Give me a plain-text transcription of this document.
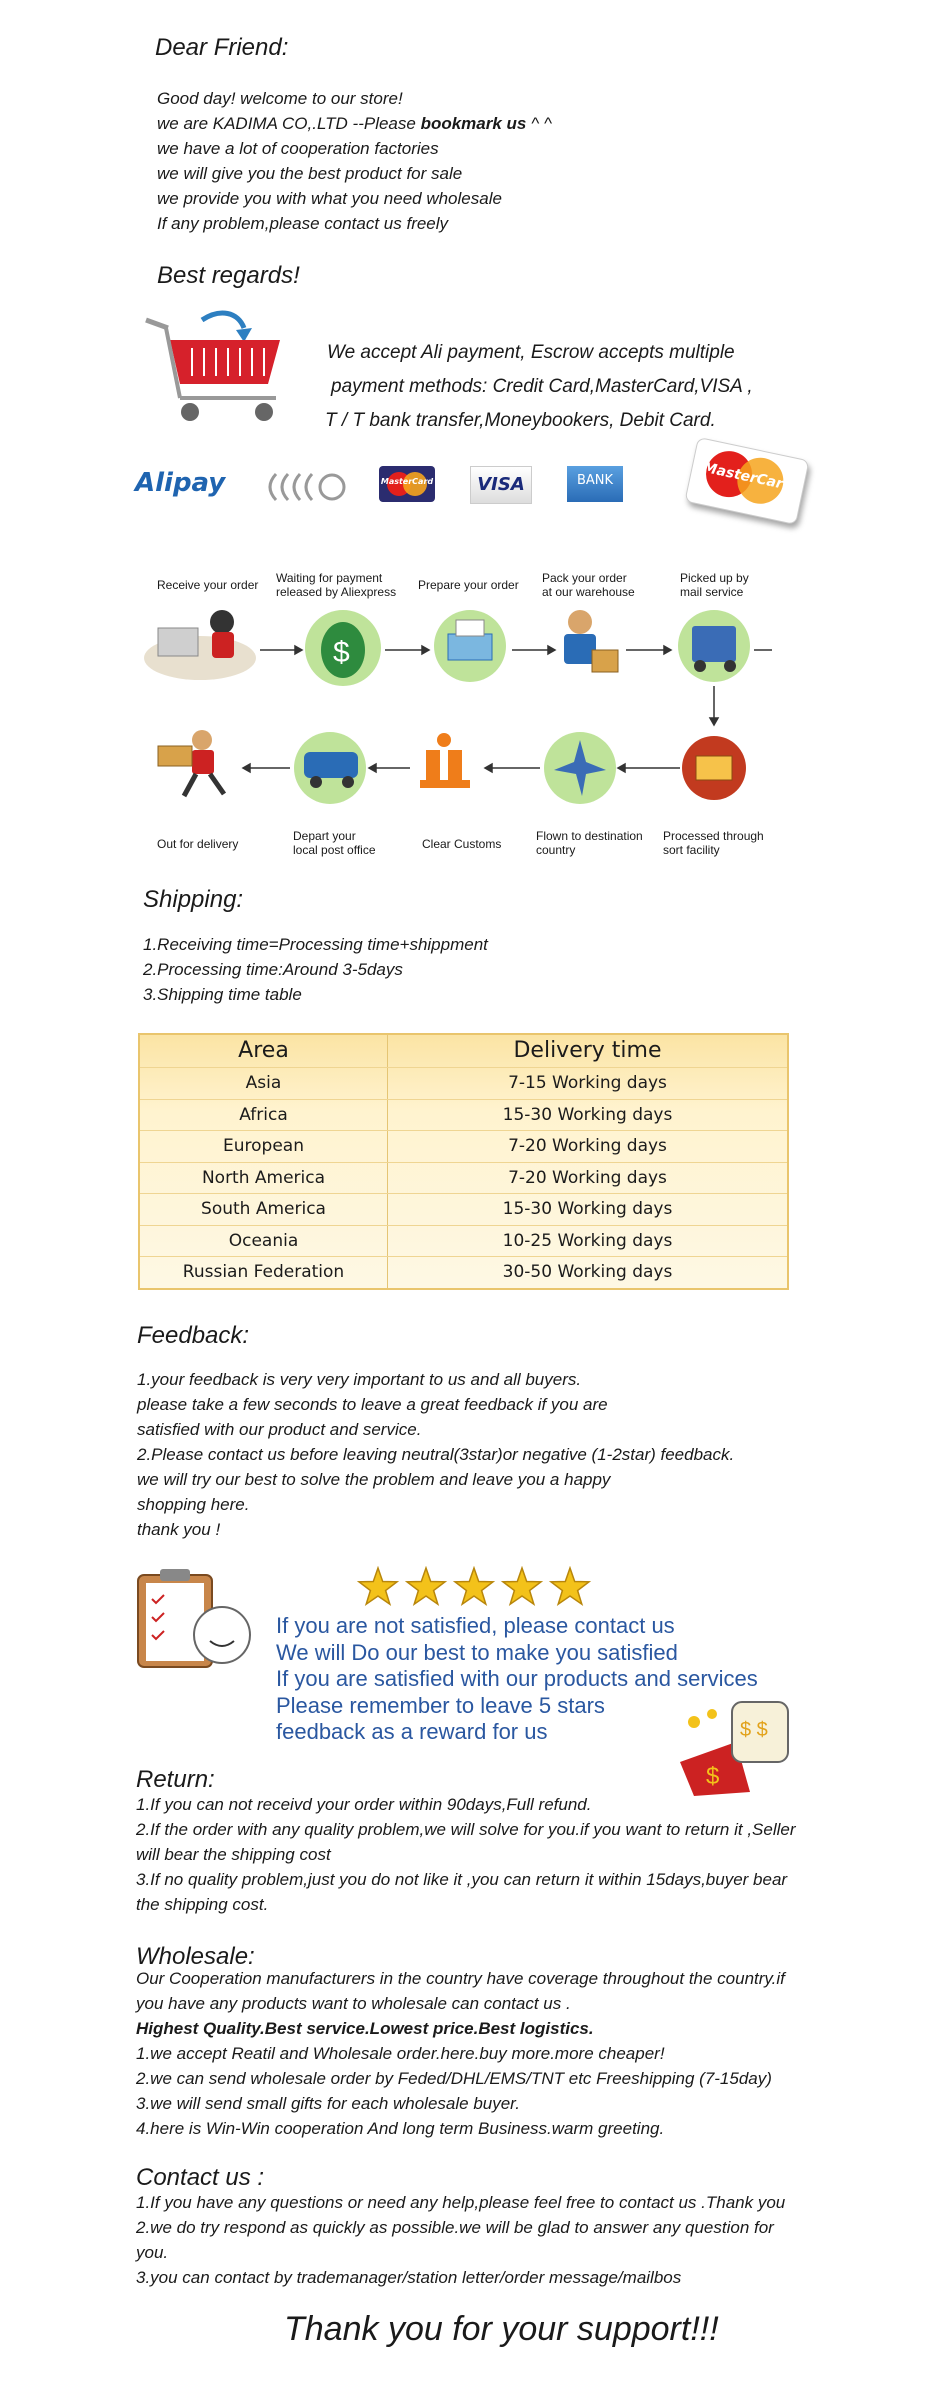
Dear Friend:
Good day! welcome to our store!
we are KADIMA CO,.LTD --Please bookmark us ^ ^
we have a lot of cooperation factories
we will give you the best product for sale
we provide you with what you need wholesale
If any problem,please contact us freely
Best regards!
We accept Ali payment, Escrow accepts multiple
payment methods: Credit Card,MasterCard,VISA ,
T / T bank transfer,Moneybookers, Debit Card.
Alipay	MasterCard	VISA	BANK	MasterCard
Receive your order Waiting for payment
released by Aliexpress Prepare your order Pack your order
at our warehouse
Picked up by
mail service
$
Out for delivery
Depart your
local post office	Clear Customs
Flown to destination
country
Processed through
sort facility
Shipping:
1.Receiving time=Processing time+shippment
2.Processing time:Around 3-5days
3.Shipping time table
Area	Delivery time
Asia	7-15 Working days
Africa	15-30 Working days
European	7-20 Working days
North America	7-20 Working days
South America	15-30 Working days
Oceania	10-25 Working days
Russian Federation	30-50 Working days
Feedback:
1.your feedback is very very important to us and all buyers.
please take a few seconds to leave a great feedback if you are
satisfied with our product and service.
2.Please contact us before leaving neutral(3star)or negative (1-2star) feedback.
we will try our best to solve the problem and leave you a happy
shopping here.
thank you !
If you are not satisfied, please contact us
We will Do our best to make you satisfied
If you are satisfied with our products and services
Please remember to leave 5 stars
feedback as a reward for us
$
$ $
Return:
1.If you can not receivd your order within 90days,Full refund.
2.If the order with any quality problem,we will solve for you.if you want to return it ,Seller
will bear the shipping cost
3.If no quality problem,just you do not like it ,you can return it within 15days,buyer bear
the shipping cost.
Wholesale:
Our Cooperation manufacturers in the country have coverage throughout the country.if
you have any products want to wholesale can contact us .
Highest Quality.Best service.Lowest price.Best logistics.
1.we accept Reatil and Wholesale order.here.buy more.more cheaper!
2.we can send wholesale order by Feded/DHL/EMS/TNT etc Freeshipping (7-15day)
3.we will send small gifts for each wholesale buyer.
4.here is Win-Win cooperation And long term Business.warm greeting.
Contact us :
1.If you have any questions or need any help,please feel free to contact us .Thank you
2.we do try respond as quickly as possible.we will be glad to answer any question for
you.
3.you can contact by trademanager/station letter/order message/mailbos
Thank you for your support!!!
